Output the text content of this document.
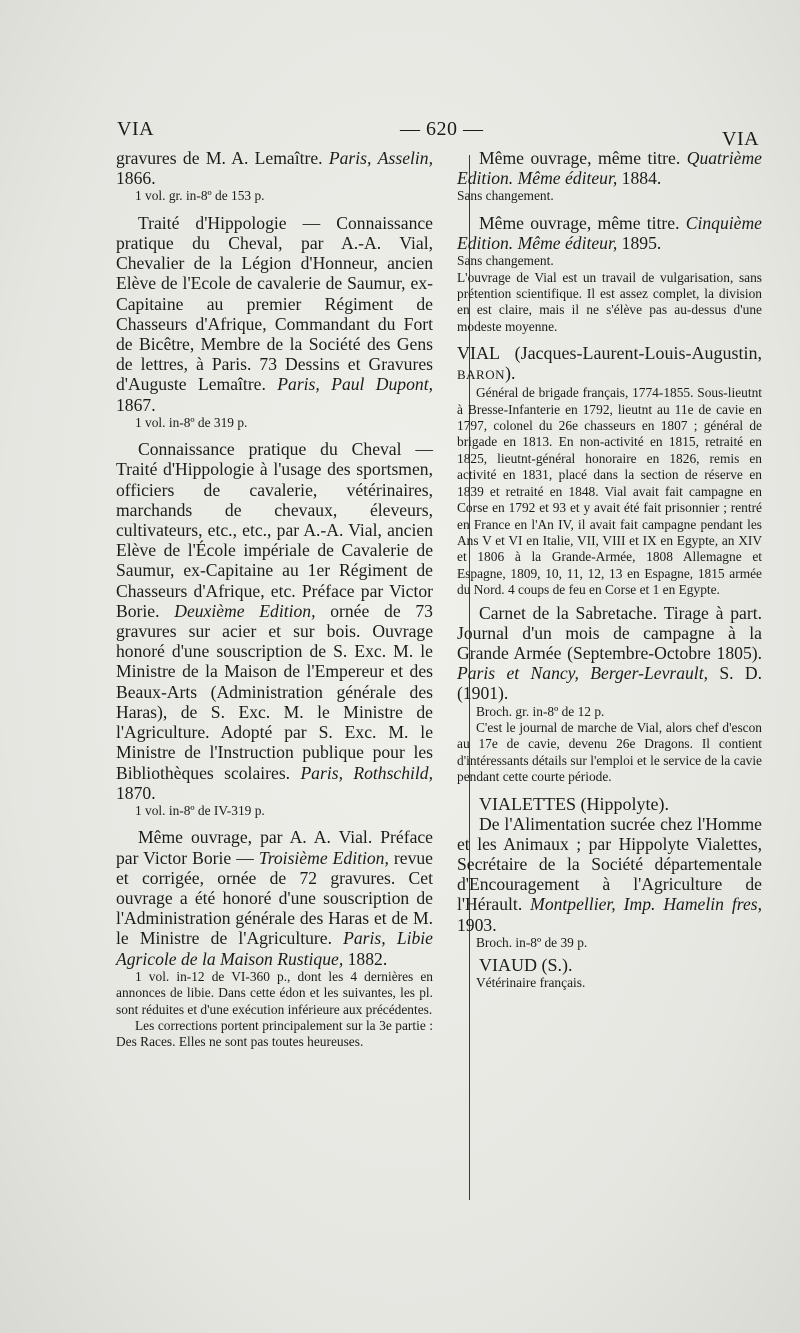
VIA	— 620 —	VIA

gravures de M. A. Lemaître. Paris, Asselin, 1866.

1 vol. gr. in-8º de 153 p.

Traité d'Hippologie — Connaissance pratique du Cheval, par A.-A. Vial, Chevalier de la Légion d'Honneur, ancien Elève de l'Ecole de cavalerie de Saumur, ex-Capitaine au premier Régiment de Chasseurs d'Afrique, Commandant du Fort de Bicêtre, Membre de la Société des Gens de lettres, à Paris. 73 Dessins et Gravures d'Auguste Lemaître. Paris, Paul Dupont, 1867.

1 vol. in-8º de 319 p.

Connaissance pratique du Cheval — Traité d'Hippologie à l'usage des sportsmen, officiers de cavalerie, vétérinaires, marchands de chevaux, éleveurs, cultivateurs, etc., etc., par A.-A. Vial, ancien Elève de l'École impériale de Cavalerie de Saumur, ex-Capitaine au 1er Régiment de Chasseurs d'Afrique, etc. Préface par Victor Borie. Deuxième Edition, ornée de 73 gravures sur acier et sur bois. Ouvrage honoré d'une souscription de S. Exc. M. le Ministre de la Maison de l'Empereur et des Beaux-Arts (Administration générale des Haras), de S. Exc. M. le Ministre de l'Agriculture. Adopté par S. Exc. M. le Ministre de l'Instruction publique pour les Bibliothèques scolaires. Paris, Rothschild, 1870.

1 vol. in-8º de IV-319 p.

Même ouvrage, par A. A. Vial. Préface par Victor Borie — Troisième Edition, revue et corrigée, ornée de 72 gravures. Cet ouvrage a été honoré d'une souscription de l'Administration générale des Haras et de M. le Ministre de l'Agriculture. Paris, Libie Agricole de la Maison Rustique, 1882.

1 vol. in-12 de VI-360 p., dont les 4 dernières en annonces de libie. Dans cette édon et les suivantes, les pl. sont réduites et d'une exécution inférieure aux précédentes.

Les corrections portent principalement sur la 3e partie : Des Races. Elles ne sont pas toutes heureuses.

Même ouvrage, même titre. Quatrième Edition. Même éditeur, 1884.

Sans changement.

Même ouvrage, même titre. Cinquième Edition. Même éditeur, 1895.

Sans changement.

L'ouvrage de Vial est un travail de vulgarisation, sans prétention scientifique. Il est assez complet, la division en est claire, mais il ne s'élève pas au-dessus d'une modeste moyenne.

VIAL (Jacques-Laurent-Louis-Augustin, BARON).

Général de brigade français, 1774-1855. Sous-lieutnt à Bresse-Infanterie en 1792, lieutnt au 11e de cavie en 1797, colonel du 26e chasseurs en 1807 ; général de brigade en 1813. En non-activité en 1815, retraité en 1825, lieutnt-général honoraire en 1826, remis en activité en 1831, placé dans la section de réserve en 1839 et retraité en 1848. Vial avait fait campagne en Corse en 1792 et 93 et y avait été fait prisonnier ; rentré en France en l'An IV, il avait fait campagne pendant les Ans V et VI en Italie, VII, VIII et IX en Egypte, an XIV et 1806 à la Grande-Armée, 1808 Allemagne et Espagne, 1809, 10, 11, 12, 13 en Espagne, 1815 armée du Nord. 4 coups de feu en Corse et 1 en Egypte.

Carnet de la Sabretache. Tirage à part. Journal d'un mois de campagne à la Grande Armée (Septembre-Octobre 1805). Paris et Nancy, Berger-Levrault, S. D. (1901).

Broch. gr. in-8º de 12 p.

C'est le journal de marche de Vial, alors chef d'escon au 17e de cavie, devenu 26e Dragons. Il contient d'intéressants détails sur l'emploi et le service de la cavie pendant cette courte période.

VIALETTES (Hippolyte).

De l'Alimentation sucrée chez l'Homme et les Animaux ; par Hippolyte Vialettes, Secrétaire de la Société départementale d'Encouragement à l'Agriculture de l'Hérault. Montpellier, Imp. Hamelin fres, 1903.

Broch. in-8º de 39 p.

VIAUD (S.).

Vétérinaire français.
